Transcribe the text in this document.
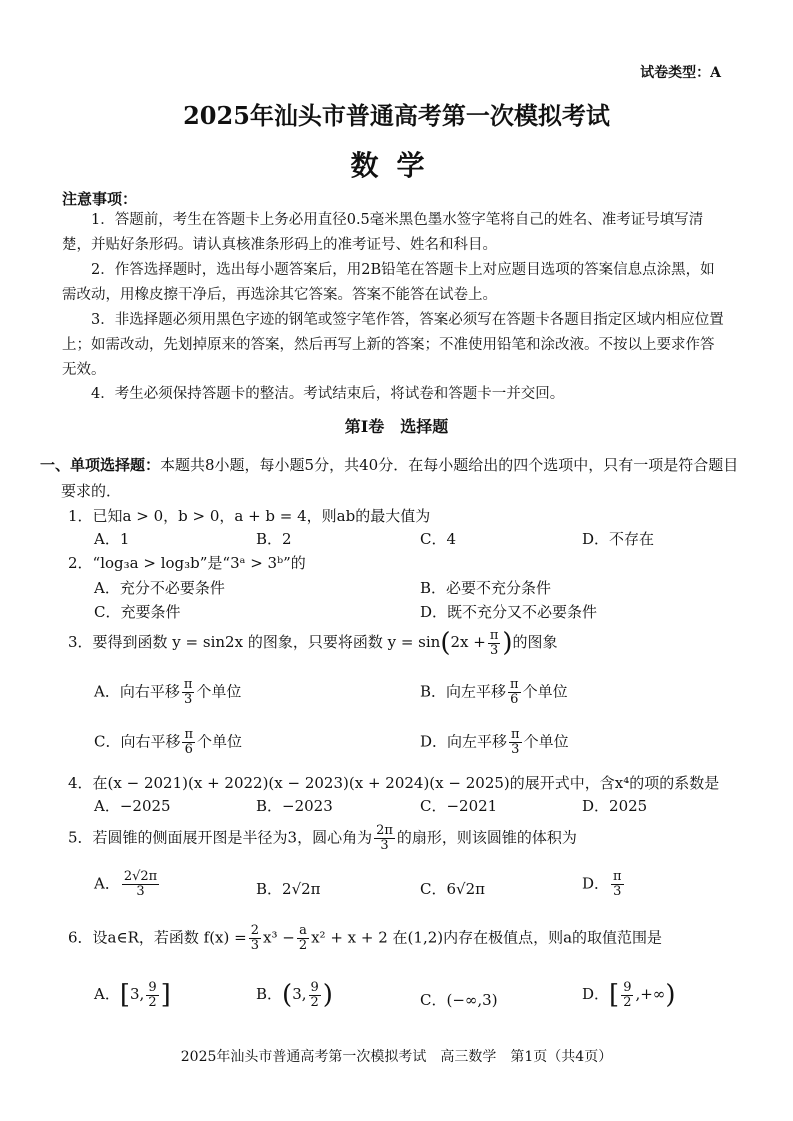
试卷类型：A
2025年汕头市普通高考第一次模拟考试
数学
注意事项：
1．答题前，考生在答题卡上务必用直径0.5毫米黑色墨水签字笔将自己的姓名、准考证号填写清楚，并贴好条形码。请认真核准条形码上的准考证号、姓名和科目。
2．作答选择题时，选出每小题答案后，用2B铅笔在答题卡上对应题目选项的答案信息点涂黑，如需改动，用橡皮擦干净后，再选涂其它答案。答案不能答在试卷上。
3．非选择题必须用黑色字迹的钢笔或签字笔作答，答案必须写在答题卡各题目指定区域内相应位置上；如需改动，先划掉原来的答案，然后再写上新的答案；不准使用铅笔和涂改液。不按以上要求作答无效。
4．考生必须保持答题卡的整洁。考试结束后，将试卷和答题卡一并交回。
第Ⅰ卷　选择题
一、单项选择题：本题共8小题，每小题5分，共40分．在每小题给出的四个选项中，只有一项是符合题目要求的．
1．已知a > 0，b > 0，a + b = 4，则ab的最大值为
A．1	B．2	C．4	D．不存在
2．“log₃a > log₃b”是“3ᵃ > 3ᵇ”的
A．充分不必要条件	B．必要不充分条件
C．充要条件	D．既不充分又不必要条件
3．要得到函数 y = sin2x 的图象，只要将函数 $y = \sin(2x + \frac{\pi}{3}$ )的图象
A．向右平移 $\frac{\pi}{3}$ 个单位	B．向左平移 $\frac{\pi}{6}$ 个单位
C．向右平移 $\frac{\pi}{6}$ 个单位	D．向左平移 $\frac{\pi}{3}$ 个单位
4．在(x − 2021)(x + 2022)(x − 2023)(x + 2024)(x − 2025)的展开式中，含x⁴的项的系数是
A．−2025	B．−2023	C．−2021	D．2025
5．若圆锥的侧面展开图是半径为3，圆心角为 $\frac{2\pi}{3}$ 的扇形，则该圆锥的体积为
A． $\frac{2√2\pi}{3}$	B．2√2π	C．6√2π	D． $\frac{\pi}{3}$
6．设a∈R，若函数 $f(x) = \frac{2}{3} x^3 - \frac{a}{2} x^2 + x + 2$ 在(1,2)内存在极值点，则a的取值范围是
A．[3, $\frac{9}{2}$ ]	B．(3, $\frac{9}{2}$ )	C．(−∞,3)	D．[ $\frac{9}{2}$ ,+∞)
2025年汕头市普通高考第一次模拟考试　高三数学　第1页（共4页）
